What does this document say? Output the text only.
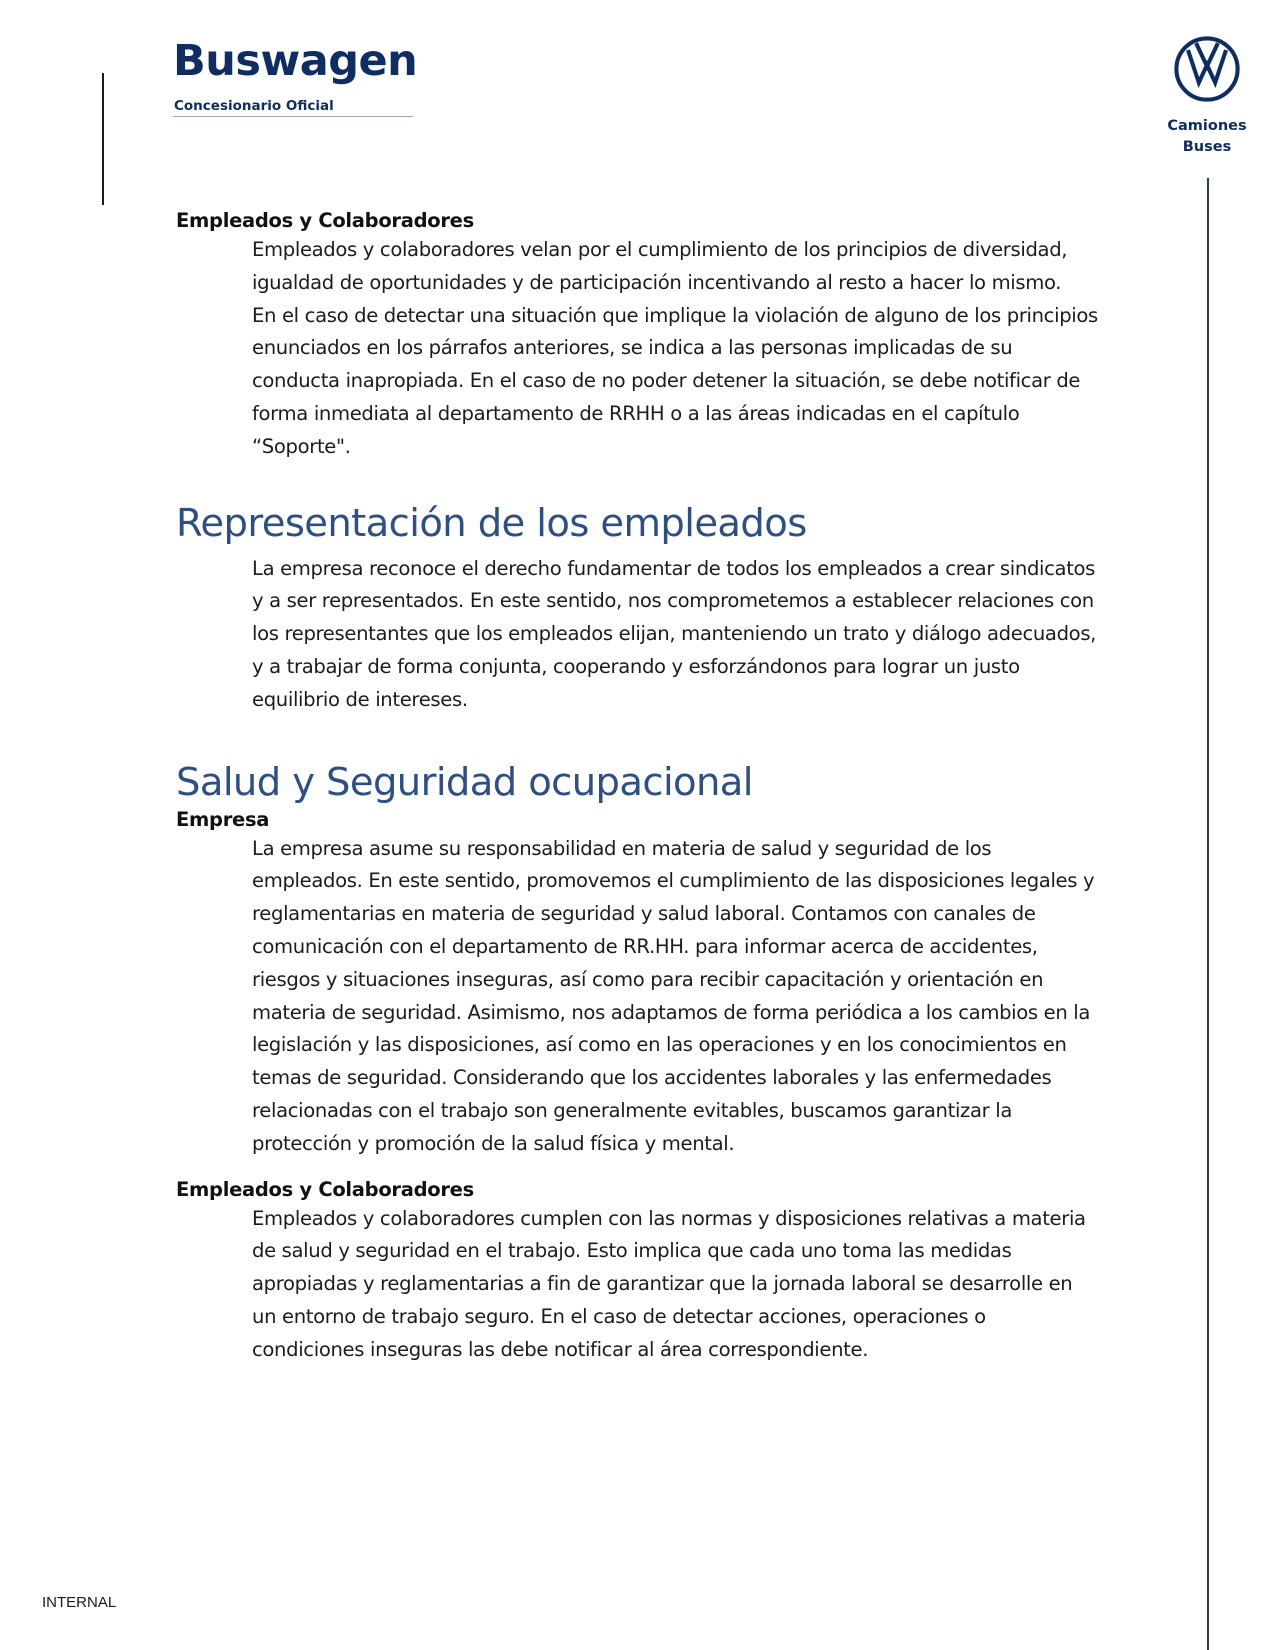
Buswagen
Concesionario Oficial
Camiones
Buses
Empleados y Colaboradores

Empleados y colaboradores velan por el cumplimiento de los principios de diversidad, igualdad de oportunidades y de participación incentivando al resto a hacer lo mismo.

En el caso de detectar una situación que implique la violación de alguno de los principios enunciados en los párrafos anteriores, se indica a las personas implicadas de su conducta inapropiada. En el caso de no poder detener la situación, se debe notificar de forma inmediata al departamento de RRHH o a las áreas indicadas en el capítulo “Soporte".

Representación de los empleados

La empresa reconoce el derecho fundamentar de todos los empleados a crear sindicatos y a ser representados. En este sentido, nos comprometemos a establecer relaciones con los representantes que los empleados elijan, manteniendo un trato y diálogo adecuados, y a trabajar de forma conjunta, cooperando y esforzándonos para lograr un justo equilibrio de intereses.

Salud y Seguridad ocupacional
Empresa

La empresa asume su responsabilidad en materia de salud y seguridad de los empleados. En este sentido, promovemos el cumplimiento de las disposiciones legales y reglamentarias en materia de seguridad y salud laboral. Contamos con canales de comunicación con el departamento de RR.HH. para informar acerca de accidentes, riesgos y situaciones inseguras, así como para recibir capacitación y orientación en materia de seguridad. Asimismo, nos adaptamos de forma periódica a los cambios en la legislación y las disposiciones, así como en las operaciones y en los conocimientos en temas de seguridad. Considerando que los accidentes laborales y las enfermedades relacionadas con el trabajo son generalmente evitables, buscamos garantizar la protección y promoción de la salud física y mental.

Empleados y Colaboradores

Empleados y colaboradores cumplen con las normas y disposiciones relativas a materia de salud y seguridad en el trabajo. Esto implica que cada uno toma las medidas apropiadas y reglamentarias a fin de garantizar que la jornada laboral se desarrolle en un entorno de trabajo seguro. En el caso de detectar acciones, operaciones o condiciones inseguras las debe notificar al área correspondiente.

INTERNAL
